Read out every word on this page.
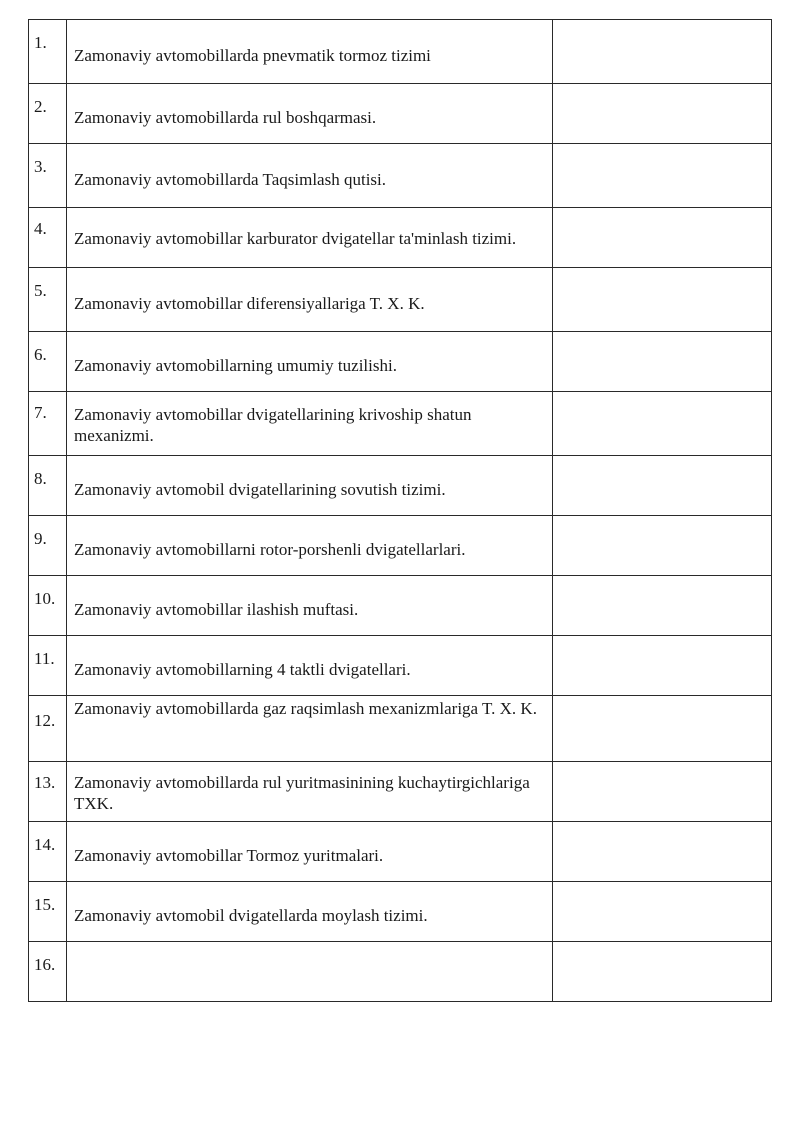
1.	Zamonaviy avtomobillarda pnevmatik tormoz tizimi	
2.	Zamonaviy avtomobillarda rul boshqarmasi.	
3.	Zamonaviy avtomobillarda Taqsimlash qutisi.	
4.	Zamonaviy avtomobillar karburator dvigatellar ta'minlash tizimi.	
5.	Zamonaviy avtomobillar diferensiyallariga T. X. K.	
6.	Zamonaviy avtomobillarning umumiy tuzilishi.	
7.	Zamonaviy avtomobillar dvigatellarining krivoship shatun mexanizmi.	
8.	Zamonaviy avtomobil dvigatellarining sovutish tizimi.	
9.	Zamonaviy avtomobillarni rotor-porshenli dvigatellarlari.	
10.	Zamonaviy avtomobillar ilashish muftasi.	
11.	Zamonaviy avtomobillarning 4 taktli dvigatellari.	
12.	Zamonaviy avtomobillarda gaz raqsimlash mexanizmlariga T. X. K.	
13.	Zamonaviy avtomobillarda rul yuritmasinining kuchaytirgichlariga TXK.	
14.	Zamonaviy avtomobillar Tormoz yuritmalari.	
15.	Zamonaviy avtomobil dvigatellarda moylash tizimi.	
16.		
